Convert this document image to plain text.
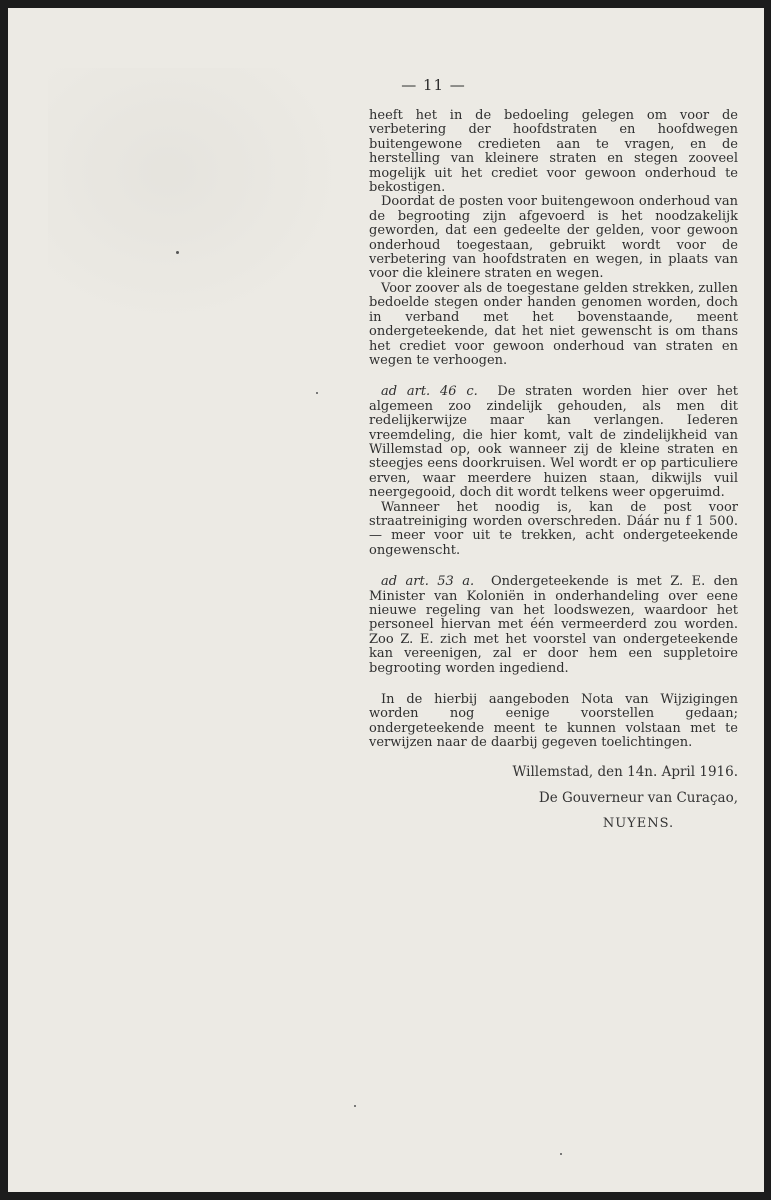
— 11 —

heeft het in de bedoeling gelegen om voor de verbetering der hoofdstraten en hoofdwegen buitengewone credieten aan te vragen, en de herstelling van kleinere straten en stegen zooveel mogelijk uit het crediet voor gewoon onderhoud te bekostigen.

Doordat de posten voor buitengewoon onderhoud van de begrooting zijn afgevoerd is het noodzakelijk geworden, dat een gedeelte der gelden, voor gewoon onderhoud toegestaan, gebruikt wordt voor de verbetering van hoofdstraten en wegen, in plaats van voor die kleinere straten en wegen.

Voor zoover als de toegestane gelden strekken, zullen bedoelde stegen onder handen genomen worden, doch in verband met het bovenstaande, meent ondergeteekende, dat het niet gewenscht is om thans het crediet voor gewoon onderhoud van straten en wegen te verhoogen.

ad art. 46 c. De straten worden hier over het algemeen zoo zindelijk gehouden, als men dit redelijkerwijze maar kan verlangen. Iederen vreemdeling, die hier komt, valt de zindelijkheid van Willemstad op, ook wanneer zij de kleine straten en steegjes eens doorkruisen. Wel wordt er op particuliere erven, waar meerdere huizen staan, dikwijls vuil neergegooid, doch dit wordt telkens weer opgeruimd.

Wanneer het noodig is, kan de post voor straatreiniging worden overschreden. Dáár nu f 1 500.— meer voor uit te trekken, acht ondergeteekende ongewenscht.

ad art. 53 a. Ondergeteekende is met Z. E. den Minister van Koloniën in onderhandeling over eene nieuwe regeling van het loodswezen, waardoor het personeel hiervan met één vermeerderd zou worden. Zoo Z. E. zich met het voorstel van ondergeteekende kan vereenigen, zal er door hem een suppletoire begrooting worden ingediend.

In de hierbij aangeboden Nota van Wijzigingen worden nog eenige voorstellen gedaan; ondergeteekende meent te kunnen volstaan met te verwijzen naar de daarbij gegeven toelichtingen.

Willemstad, den 14n. April 1916.

De Gouverneur van Curaçao,

NUYENS.
